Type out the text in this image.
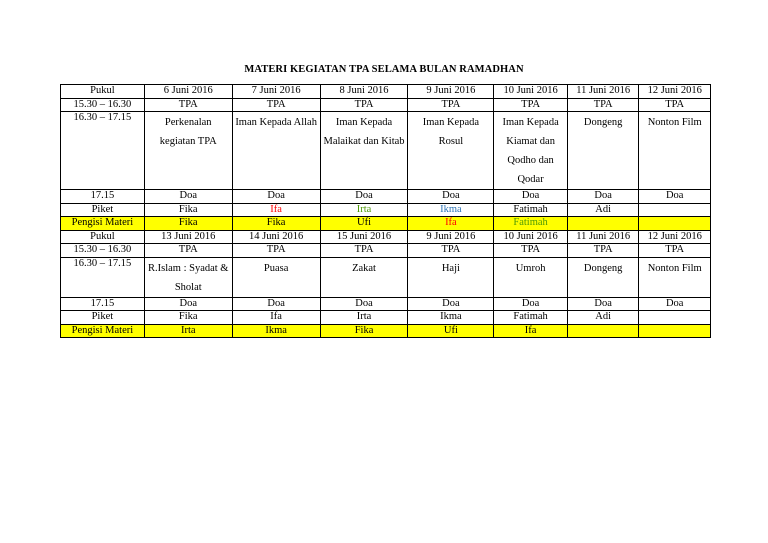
MATERI KEGIATAN TPA SELAMA BULAN RAMADHAN
Pukul	6 Juni 2016	7 Juni 2016	8 Juni 2016	9 Juni 2016	10 Juni 2016	11 Juni 2016	12 Juni 2016
15.30 – 16.30	TPA	TPA	TPA	TPA	TPA	TPA	TPA
16.30 – 17.15	Perkenalan kegiatan TPA	Iman Kepada Allah	Iman Kepada Malaikat dan Kitab	Iman Kepada Rosul	Iman Kepada Kiamat dan Qodho dan Qodar	Dongeng	Nonton Film
17.15	Doa	Doa	Doa	Doa	Doa	Doa	Doa
Piket	Fika	Ifa	Irta	Ikma	Fatimah	Adi	
Pengisi Materi	Fika	Fika	Ufi	Ifa	Fatimah		
Pukul	13 Juni 2016	14 Juni 2016	15 Juni 2016	9 Juni 2016	10 Juni 2016	11 Juni 2016	12 Juni 2016
15.30 – 16.30	TPA	TPA	TPA	TPA	TPA	TPA	TPA
16.30 – 17.15	R.Islam : Syadat & Sholat	Puasa	Zakat	Haji	Umroh	Dongeng	Nonton Film
17.15	Doa	Doa	Doa	Doa	Doa	Doa	Doa
Piket	Fika	Ifa	Irta	Ikma	Fatimah	Adi	
Pengisi Materi	Irta	Ikma	Fika	Ufi	Ifa		
